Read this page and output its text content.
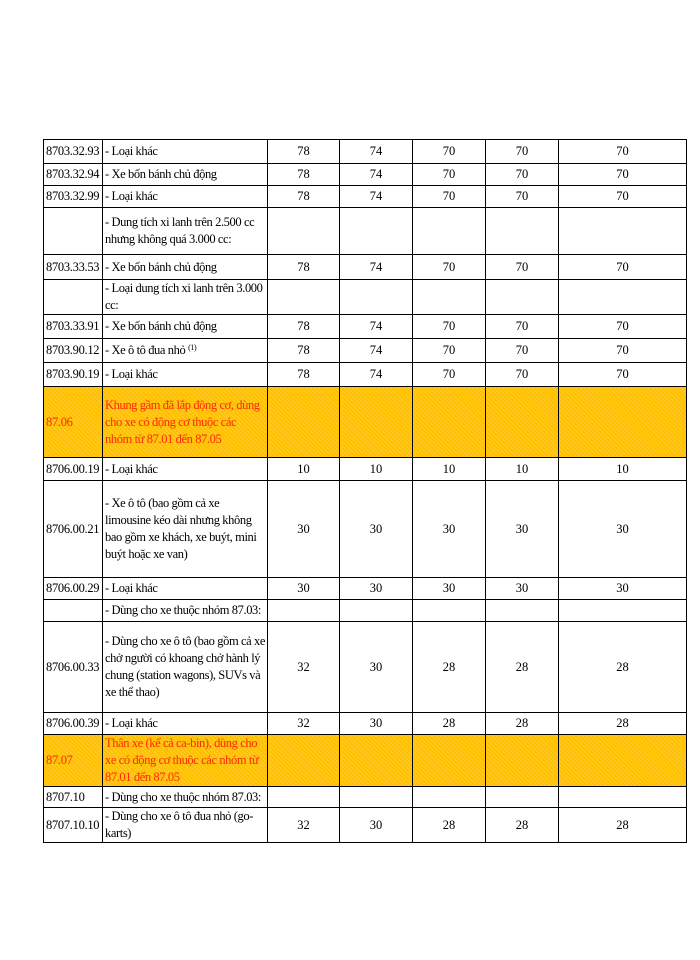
8703.32.93	- Loại khác	78	74	70	70	70
8703.32.94	- Xe bốn bánh chủ động	78	74	70	70	70
8703.32.99	- Loại khác	78	74	70	70	70
	- Dung tích xi lanh trên 2.500 cc nhưng không quá 3.000 cc:					
8703.33.53	- Xe bốn bánh chủ động	78	74	70	70	70
	- Loại dung tích xi lanh trên 3.000 cc:					
8703.33.91	- Xe bốn bánh chủ động	78	74	70	70	70
8703.90.12	- Xe ô tô đua nhỏ $^{(1)}$	78	74	70	70	70
8703.90.19	- Loại khác	78	74	70	70	70
87.06	Khung gầm đã lắp động cơ, dùng cho xe có động cơ thuộc các nhóm từ 87.01 đến 87.05					
8706.00.19	- Loại khác	10	10	10	10	10
8706.00.21	- Xe ô tô (bao gồm cả xe limousine kéo dài nhưng không bao gồm xe khách, xe buýt, mini buýt hoặc xe van)	30	30	30	30	30
8706.00.29	- Loại khác	30	30	30	30	30
	- Dùng cho xe thuộc nhóm 87.03:					
8706.00.33	- Dùng cho xe ô tô (bao gồm cả xe chở người có khoang chở hành lý chung (station wagons), SUVs và xe thể thao)	32	30	28	28	28
8706.00.39	- Loại khác	32	30	28	28	28
87.07	Thân xe (kể cả ca-bin), dùng cho xe có động cơ thuộc các nhóm từ 87.01 đến 87.05					
8707.10	- Dùng cho xe thuộc nhóm 87.03:					
8707.10.10	- Dùng cho xe ô tô đua nhỏ (go-karts)	32	30	28	28	28
